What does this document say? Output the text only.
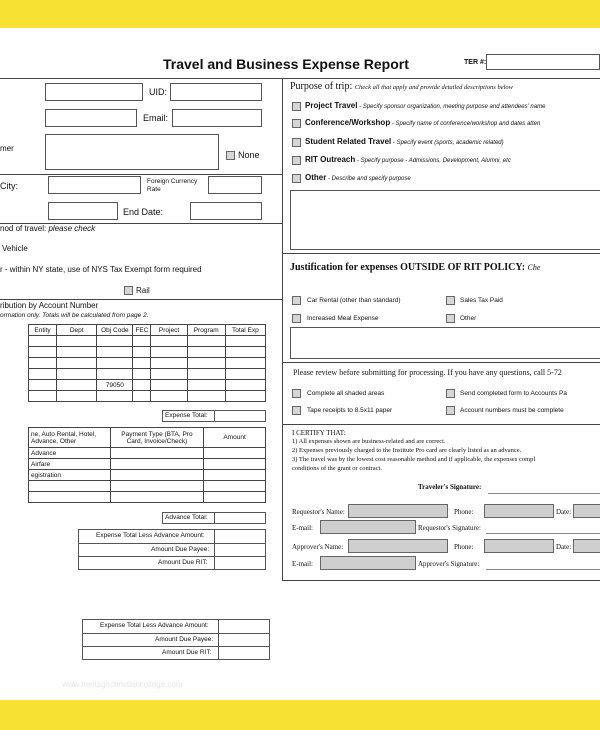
Travel and Business Expense Report	TER #:
UID:
Email:
mer
None
City:	Foreign Currency Rate
End Date:
nod of travel: please check
Vehicle
r - within NY state, use of NYS Tax Exempt form required
Rail
ribution by Account Number
ormation only. Totals will be calculated from page 2.
Entity	Dept	Obj Code	FEC	Project	Program	Total Exp

		79050				

Expense Total:
ne, Auto Rental, Hotel, Advance, Other	Payment Type (BTA, Pro Card, Invoice/Check)	Amount
Advance		
Airfare		
egistration		

Advance Total:
Expense Total Less Advance Amount:
Amount Due Payee:
Amount Due RIT:
Purpose of trip: Check all that apply and provide detailed descriptions below
Project Travel - Specify sponsor organization, meeting purpose and attendees' name
Conference/Workshop - Specify name of conference/workshop and dates atten
Student Related Travel - Specify event (sports, academic related)
RIT Outreach - Specify purpose - Admissions, Development, Alumni, etc
Other - Describe and specify purpose
Justification for expenses OUTSIDE OF RIT POLICY: Che
Car Rental (other than standard)	Sales Tax Paid
Increased Meal Expense	Other
Please review before submitting for processing. If you have any questions, call 5-72
Complete all shaded areas	Send completed form to Accounts Pa
Tape receipts to 8.5x11 paper	Account numbers must be complete
I CERTIFY THAT:
1) All expenses shown are business-related and are correct.
2) Expenses previously charged to the Institute Pro card are clearly listed as an advance.
3) The travel was by the lowest cost reasonable method and if applicable, the expenses compl
conditions of the grant or contract.
Traveler's Signature:
Requestor's Name:	Phone:	Date:
E-mail:	Requestor's Signature:
Approver's Name:	Phone:	Date:
E-mail:	Approver's Signature:
Expense Total Less Advance Amount:
Amount Due Payee:
Amount Due RIT:
www.heritagechristiancollege.com
